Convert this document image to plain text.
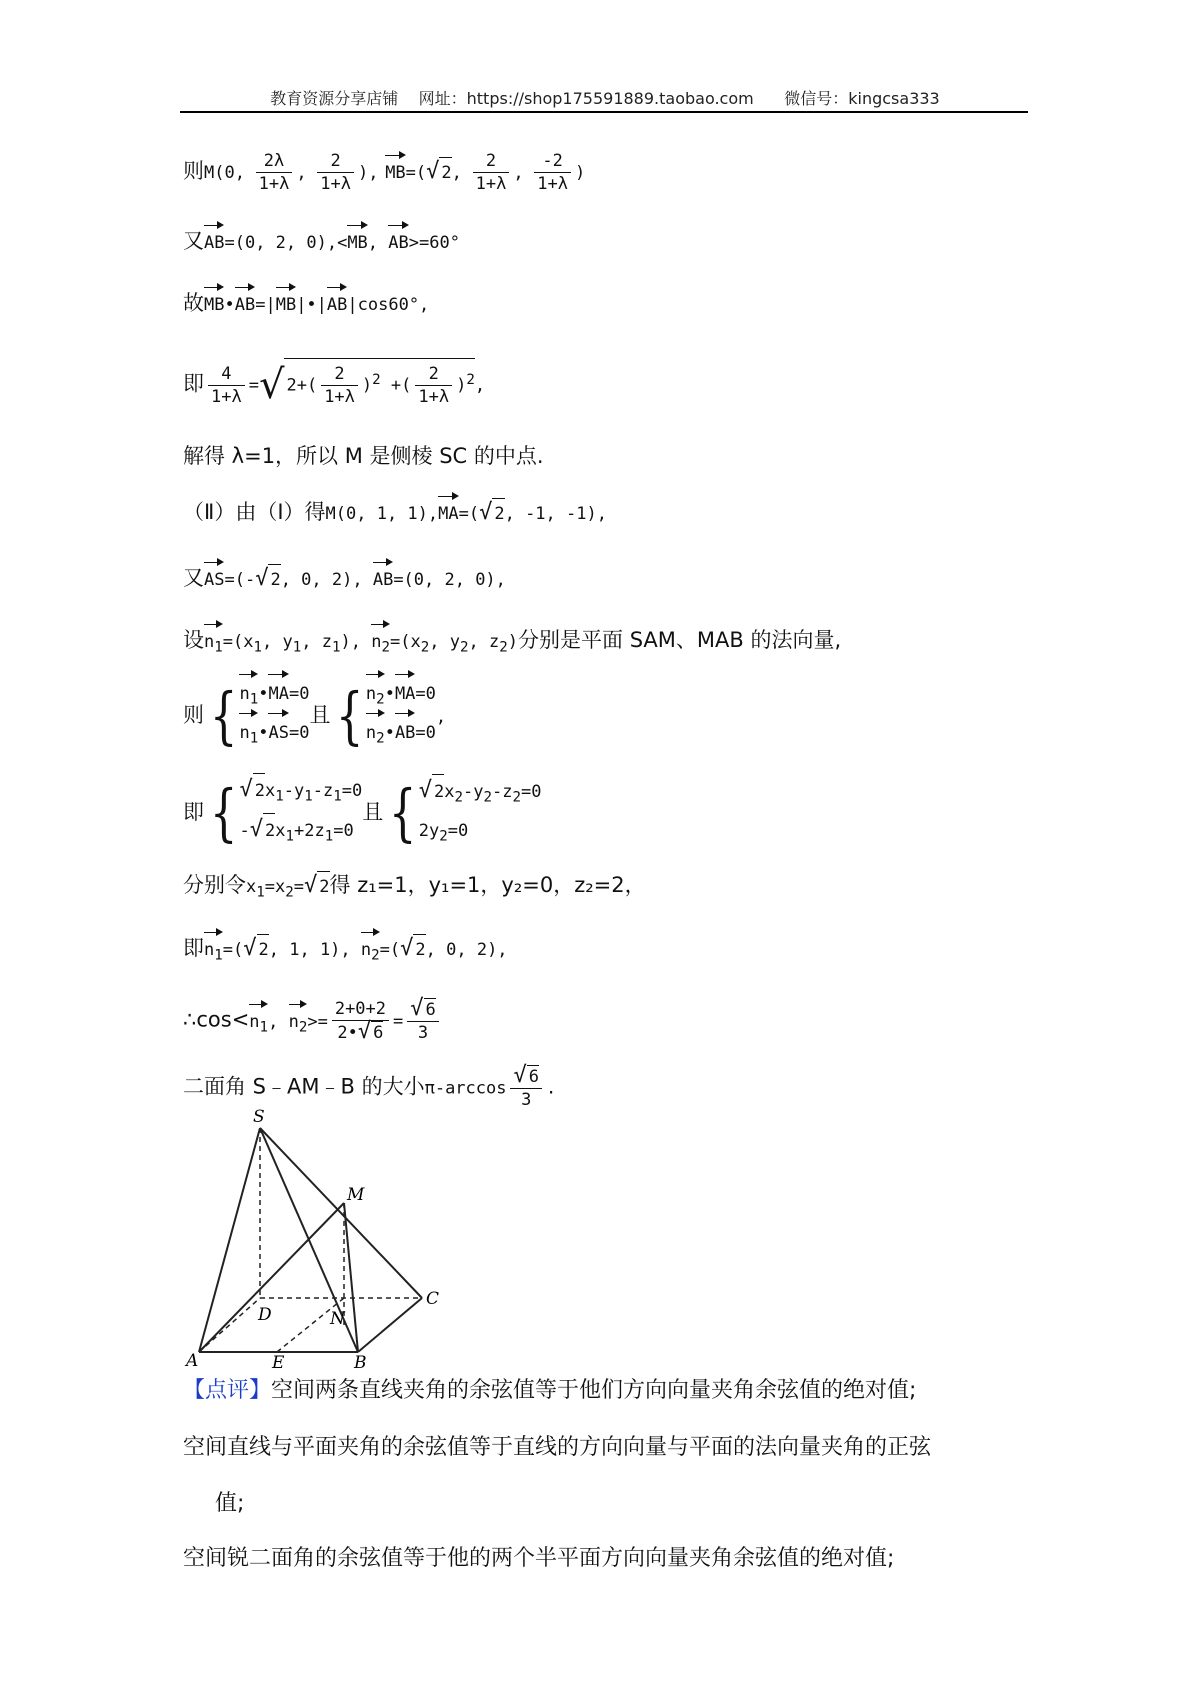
教育资源分享店铺 网址：https://shop175591889.taobao.com 微信号：kingcsa333
则M(0, $\frac{2\lambda}{1+\lambda}$ , $\frac{2}{1+\lambda}$ ), MB=(√ 2, $\frac{2}{1+\lambda}$ , $\frac{-2}{1+\lambda}$ )
又AB=(0, 2, 0),<MB, AB>=60°
故MB•AB=|MB|•|AB|cos60°,
即 $\frac{4}{1+\lambda}$ =√ $2+( \frac{2}{1+\lambda} )^2$ +( $\frac{2}{1+\lambda} )^2$,
解得 λ=1，所以 M 是侧棱 SC 的中点.
（Ⅱ）由（Ⅰ）得M(0, 1, 1),MA=(√ 2, -1, -1),
又AS=(-√ 2, 0, 2), AB=(0, 2, 0),
设$n_1=(x_1$, $y_1$, $z_1$), $n_2=(x_2$, $y_2$, $z_2$)分别是平面 SAM、MAB 的法向量,
则{ $n_1•MA=0$
$n_1•AS=0$
且{ $n_2•MA=0$
$n_2•AB=0$
,
即{ √ $2x_1-y_1-z_1=0$
-√ $2x_1+2z_1=0$
且{ √ $2x_2-y_2-z_2=0$
$2y_2=0$
分别令$x_1=x_2=√$ 2得 z₁=1，y₁=1，y₂=0，z₂=2，
即$n_1=(√$ 2, 1, 1), $n_2=(√$ 2, 0, 2),
$\therefore\cos<n_1$, $n_2>= \frac{2+0+2}{2•√ 6} = \frac{√ 6}{3}$
二面角 S﹣AM﹣B 的大小$\pi-\arccos \frac{√ 6}{3}$ .
S
M
C
D	N
A	E	B
【点评】空间两条直线夹角的余弦值等于他们方向向量夹角余弦值的绝对值;
空间直线与平面夹角的余弦值等于直线的方向向量与平面的法向量夹角的正弦
值;
空间锐二面角的余弦值等于他的两个半平面方向向量夹角余弦值的绝对值;
